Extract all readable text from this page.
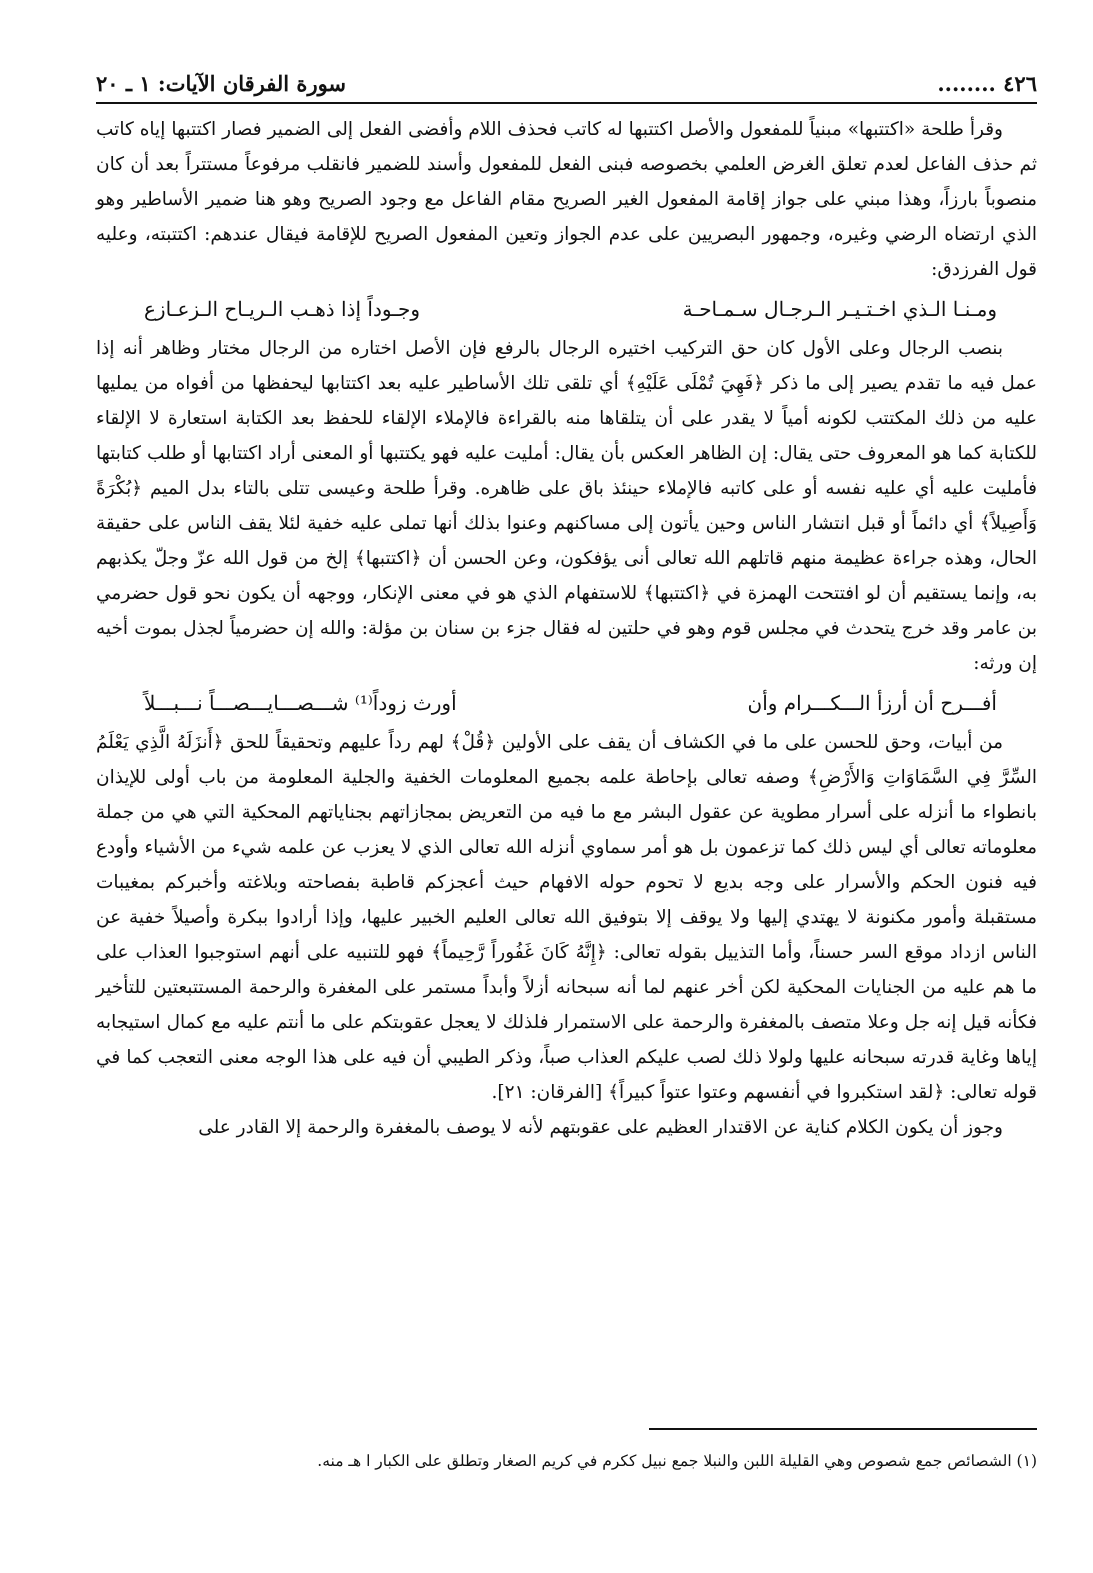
٤٢٦ ........
سورة الفرقان الآيات: ١ ـ ٢٠

وقرأ طلحة «اكتتبها» مبنياً للمفعول والأصل اكتتبها له كاتب فحذف اللام وأفضى الفعل إلى الضمير فصار اكتتبها إياه كاتب ثم حذف الفاعل لعدم تعلق الغرض العلمي بخصوصه فبنى الفعل للمفعول وأسند للضمير فانقلب مرفوعاً مستتراً بعد أن كان منصوباً بارزاً، وهذا مبني على جواز إقامة المفعول الغير الصريح مقام الفاعل مع وجود الصريح وهو هنا ضمير الأساطير وهو الذي ارتضاه الرضي وغيره، وجمهور البصريين على عدم الجواز وتعين المفعول الصريح للإقامة فيقال عندهم: اكتتبته، وعليه قول الفرزدق:

ومـنـا الـذي اخـتـيـر الـرجـال سـمـاحـة
وجـوداً إذا ذهـب الـريـاح الـزعـازع

بنصب الرجال وعلى الأول كان حق التركيب اختيره الرجال بالرفع فإن الأصل اختاره من الرجال مختار وظاهر أنه إذا عمل فيه ما تقدم يصير إلى ما ذكر ﴿فَهِيَ تُمْلَى عَلَيْهِ﴾ أي تلقى تلك الأساطير عليه بعد اكتتابها ليحفظها من أفواه من يمليها عليه من ذلك المكتتب لكونه أمياً لا يقدر على أن يتلقاها منه بالقراءة فالإملاء الإلقاء للحفظ بعد الكتابة استعارة لا الإلقاء للكتابة كما هو المعروف حتى يقال: إن الظاهر العكس بأن يقال: أمليت عليه فهو يكتتبها أو المعنى أراد اكتتابها أو طلب كتابتها فأمليت عليه أي عليه نفسه أو على كاتبه فالإملاء حينئذ باق على ظاهره. وقرأ طلحة وعيسى تتلى بالتاء بدل الميم ﴿بُكْرَةً وَأَصِيلاً﴾ أي دائماً أو قبل انتشار الناس وحين يأتون إلى مساكنهم وعنوا بذلك أنها تملى عليه خفية لئلا يقف الناس على حقيقة الحال، وهذه جراءة عظيمة منهم قاتلهم الله تعالى أنى يؤفكون، وعن الحسن أن ﴿اكتتبها﴾ إلخ من قول الله عزّ وجلّ يكذبهم به، وإنما يستقيم أن لو افتتحت الهمزة في ﴿اكتتبها﴾ للاستفهام الذي هو في معنى الإنكار، ووجهه أن يكون نحو قول حضرمي بن عامر وقد خرج يتحدث في مجلس قوم وهو في حلتين له فقال جزء بن سنان بن مؤلة: والله إن حضرمياً لجذل بموت أخيه إن ورثه:

أفـــرح أن أرزأ الـــكـــرام وأن
أورث زوداً⁽¹⁾ شـــصـــايـــصـــاً نـــبـــلاً

من أبيات، وحق للحسن على ما في الكشاف أن يقف على الأولين ﴿قُلْ﴾ لهم رداً عليهم وتحقيقاً للحق ﴿أَنزَلَهُ الَّذِي يَعْلَمُ السِّرَّ فِي السَّمَاوَاتِ وَالأَرْضِ﴾ وصفه تعالى بإحاطة علمه بجميع المعلومات الخفية والجلية المعلومة من باب أولى للإيذان بانطواء ما أنزله على أسرار مطوية عن عقول البشر مع ما فيه من التعريض بمجازاتهم بجناياتهم المحكية التي هي من جملة معلوماته تعالى أي ليس ذلك كما تزعمون بل هو أمر سماوي أنزله الله تعالى الذي لا يعزب عن علمه شيء من الأشياء وأودع فيه فنون الحكم والأسرار على وجه بديع لا تحوم حوله الافهام حيث أعجزكم قاطبة بفصاحته وبلاغته وأخبركم بمغيبات مستقبلة وأمور مكنونة لا يهتدي إليها ولا يوقف إلا بتوفيق الله تعالى العليم الخبير عليها، وإذا أرادوا ببكرة وأصيلاً خفية عن الناس ازداد موقع السر حسناً، وأما التذييل بقوله تعالى: ﴿إِنَّهُ كَانَ غَفُوراً رَّحِيماً﴾ فهو للتنبيه على أنهم استوجبوا العذاب على ما هم عليه من الجنايات المحكية لكن أخر عنهم لما أنه سبحانه أزلاً وأبداً مستمر على المغفرة والرحمة المستتبعتين للتأخير فكأنه قيل إنه جل وعلا متصف بالمغفرة والرحمة على الاستمرار فلذلك لا يعجل عقوبتكم على ما أنتم عليه مع كمال استيجابه إياها وغاية قدرته سبحانه عليها ولولا ذلك لصب عليكم العذاب صباً، وذكر الطيبي أن فيه على هذا الوجه معنى التعجب كما في قوله تعالى: ﴿لقد استكبروا في أنفسهم وعتوا عتواً كبيراً﴾ [الفرقان: ٢١].

وجوز أن يكون الكلام كناية عن الاقتدار العظيم على عقوبتهم لأنه لا يوصف بالمغفرة والرحمة إلا القادر على

(١) الشصائص جمع شصوص وهي القليلة اللبن والنبلا جمع نبيل ككرم في كريم الصغار وتطلق على الكبار ا هـ منه.
